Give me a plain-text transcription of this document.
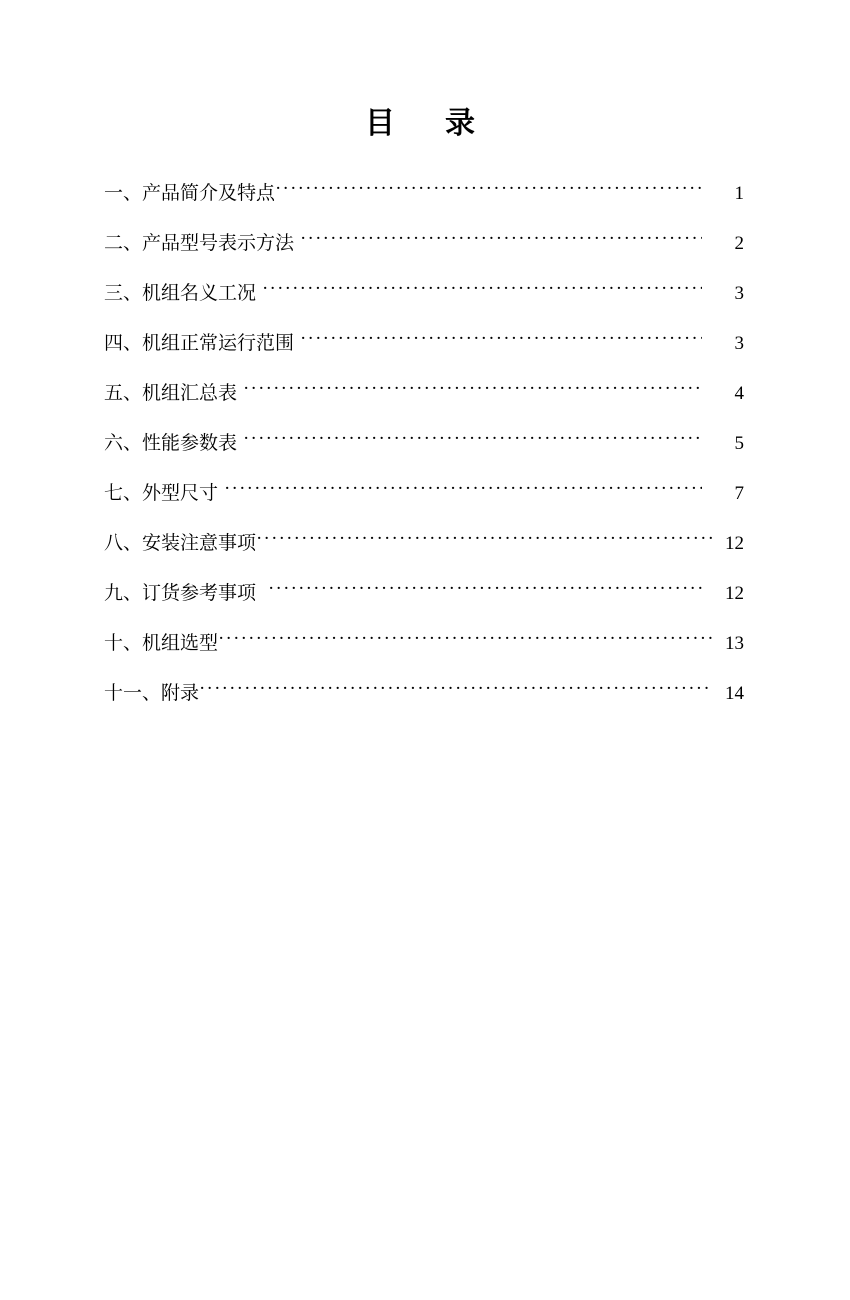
目　录
一、产品简介及特点 ·····	1
二、产品型号表示方法 ·····	2
三、机组名义工况 ·····	3
四、机组正常运行范围 ·····	3
五、机组汇总表 ·····	4
六、性能参数表 ·····	5
七、外型尺寸 ·····	7
八、安装注意事项 ·····	12
九、订货参考事项 ·····	12
十、机组选型 ·····	13
十一、附录 ·····	14
